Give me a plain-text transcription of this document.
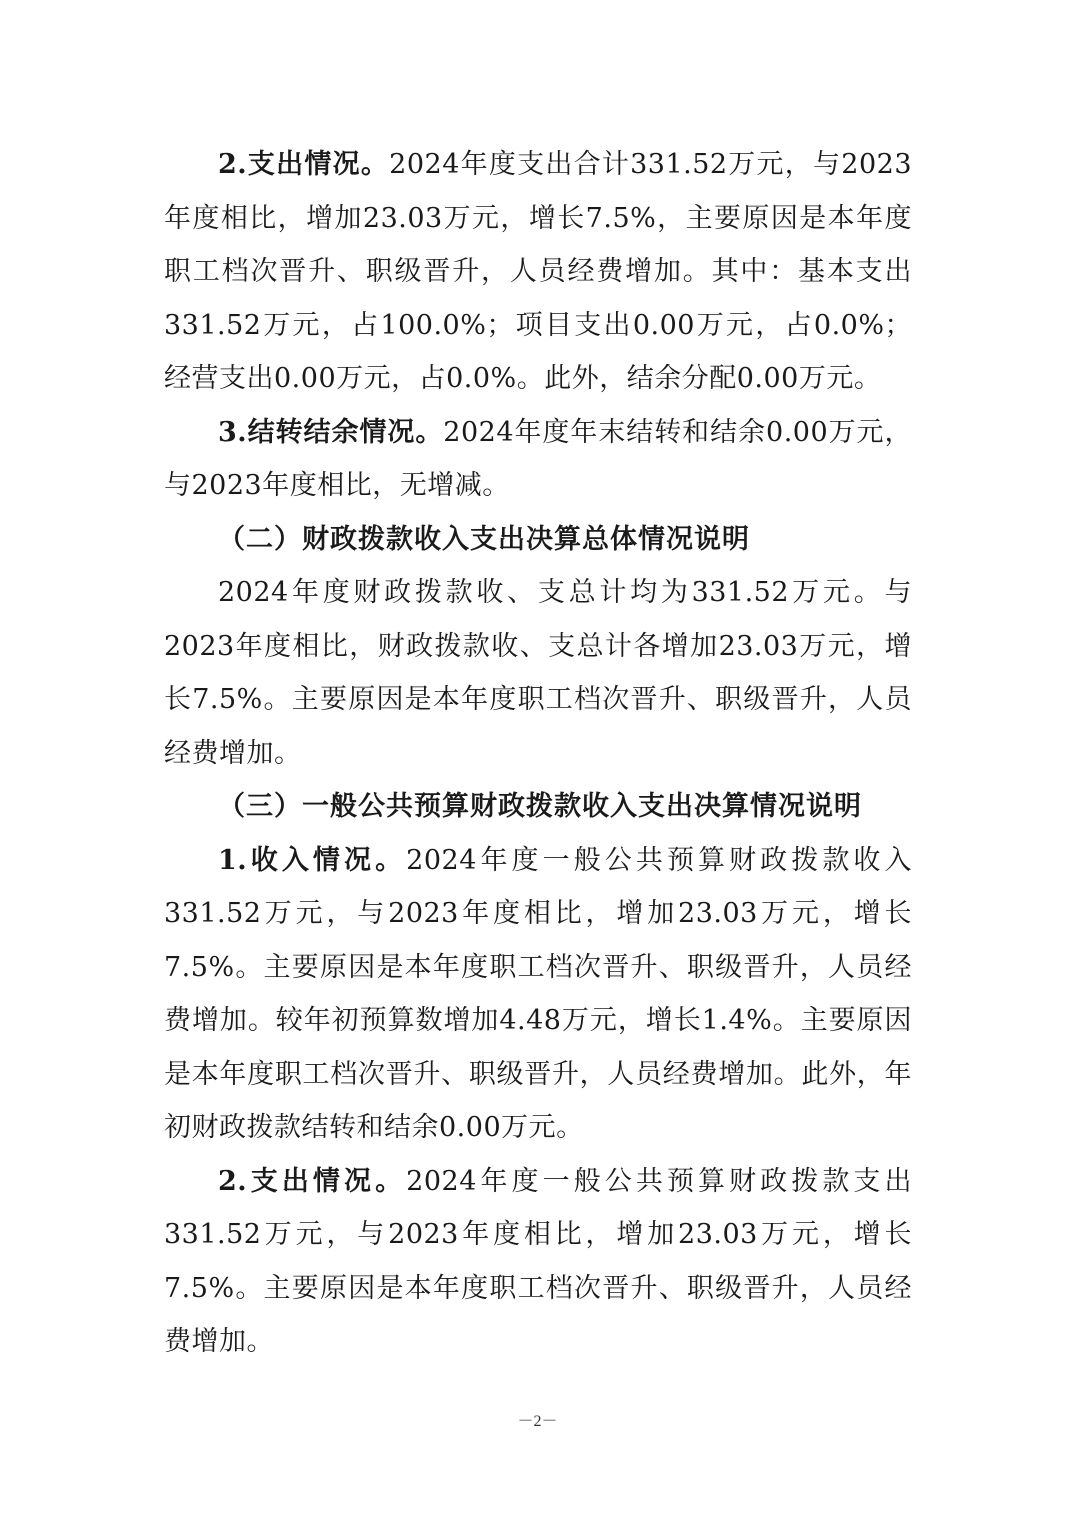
2.支出情况。2024年度支出合计331.52万元，与2023年度相比，增加23.03万元，增长7.5%，主要原因是本年度职工档次晋升、职级晋升，人员经费增加。其中：基本支出331.52万元，占100.0%；项目支出0.00万元，占0.0%；经营支出0.00万元，占0.0%。此外，结余分配0.00万元。

3.结转结余情况。2024年度年末结转和结余0.00万元，与2023年度相比，无增减。

（二）财政拨款收入支出决算总体情况说明

2024年度财政拨款收、支总计均为331.52万元。与2023年度相比，财政拨款收、支总计各增加23.03万元，增长7.5%。主要原因是本年度职工档次晋升、职级晋升，人员经费增加。

（三）一般公共预算财政拨款收入支出决算情况说明

1.收入情况。2024年度一般公共预算财政拨款收入331.52万元，与2023年度相比，增加23.03万元，增长7.5%。主要原因是本年度职工档次晋升、职级晋升，人员经费增加。较年初预算数增加4.48万元，增长1.4%。主要原因是本年度职工档次晋升、职级晋升，人员经费增加。此外，年初财政拨款结转和结余0.00万元。

2.支出情况。2024年度一般公共预算财政拨款支出331.52万元，与2023年度相比，增加23.03万元，增长7.5%。主要原因是本年度职工档次晋升、职级晋升，人员经费增加。

－2－
